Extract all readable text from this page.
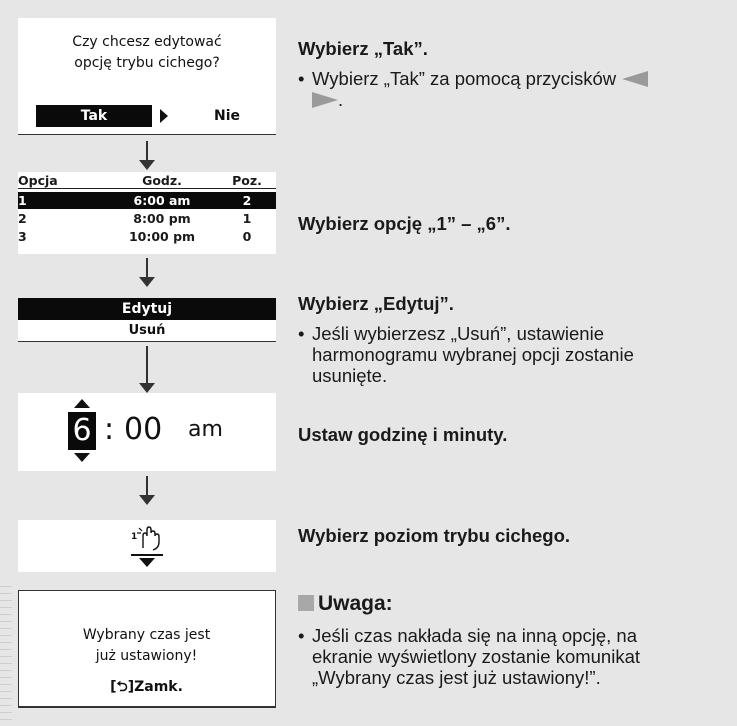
Czy chcesz edytować
opcję trybu cichego?
Tak	Nie
Opcja	Godz.	Poz.
1	6:00 am	2
2	8:00 pm	1
3	10:00 pm	0
Edytuj
Usuń
6 : 00 am
1
Wybrany czas jest
już ustawiony!
[⮌]Zamk.
Wybierz „Tak”.
• Wybierz „Tak” za pomocą przycisków
.
Wybierz opcję „1” – „6”.
Wybierz „Edytuj”.
• Jeśli wybierzesz „Usuń”, ustawienie
harmonogramu wybranej opcji zostanie
usunięte.
Ustaw godzinę i minuty.
Wybierz poziom trybu cichego.
Uwaga:
• Jeśli czas nakłada się na inną opcję, na
ekranie wyświetlony zostanie komunikat
„Wybrany czas jest już ustawiony!”.
